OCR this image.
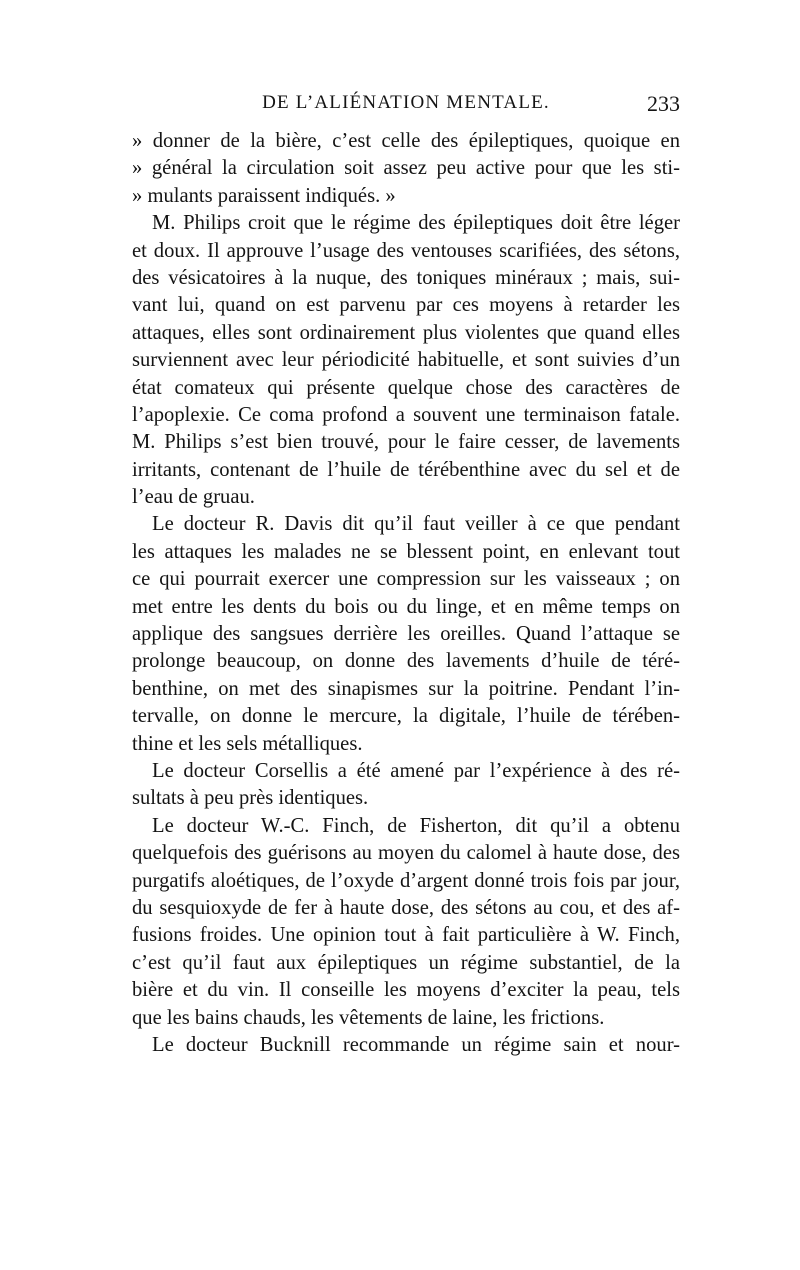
DE L’ALIÉNATION MENTALE.	233
» donner de la bière, c’est celle des épileptiques, quoique en
» général la circulation soit assez peu active pour que les sti-
» mulants paraissent indiqués. »
M. Philips croit que le régime des épileptiques doit être léger
et doux. Il approuve l’usage des ventouses scarifiées, des sétons,
des vésicatoires à la nuque, des toniques minéraux ; mais, sui-
vant lui, quand on est parvenu par ces moyens à retarder les
attaques, elles sont ordinairement plus violentes que quand elles
surviennent avec leur périodicité habituelle, et sont suivies d’un
état comateux qui présente quelque chose des caractères de
l’apoplexie. Ce coma profond a souvent une terminaison fatale.
M. Philips s’est bien trouvé, pour le faire cesser, de lavements
irritants, contenant de l’huile de térébenthine avec du sel et de
l’eau de gruau.
Le docteur R. Davis dit qu’il faut veiller à ce que pendant
les attaques les malades ne se blessent point, en enlevant tout
ce qui pourrait exercer une compression sur les vaisseaux ; on
met entre les dents du bois ou du linge, et en même temps on
applique des sangsues derrière les oreilles. Quand l’attaque se
prolonge beaucoup, on donne des lavements d’huile de téré-
benthine, on met des sinapismes sur la poitrine. Pendant l’in-
tervalle, on donne le mercure, la digitale, l’huile de térében-
thine et les sels métalliques.
Le docteur Corsellis a été amené par l’expérience à des ré-
sultats à peu près identiques.
Le docteur W.-C. Finch, de Fisherton, dit qu’il a obtenu
quelquefois des guérisons au moyen du calomel à haute dose, des
purgatifs aloétiques, de l’oxyde d’argent donné trois fois par jour,
du sesquioxyde de fer à haute dose, des sétons au cou, et des af-
fusions froides. Une opinion tout à fait particulière à W. Finch,
c’est qu’il faut aux épileptiques un régime substantiel, de la
bière et du vin. Il conseille les moyens d’exciter la peau, tels
que les bains chauds, les vêtements de laine, les frictions.
Le docteur Bucknill recommande un régime sain et nour-
